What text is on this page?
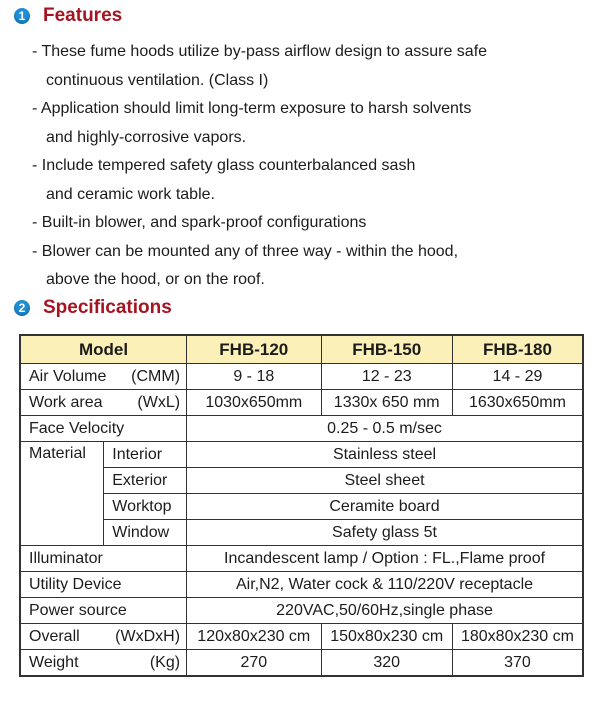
1 Features
- These fume hoods utilize by-pass airflow design to assure safe
continuous ventilation. (Class I)
- Application should limit long-term exposure to harsh solvents
and highly-corrosive vapors.
- Include tempered safety glass counterbalanced sash
and ceramic work table.
- Built-in blower, and spark-proof configurations
- Blower can be mounted any of three way - within the hood,
above the hood, or on the roof.
2 Specifications
Model		FHB-120	FHB-150	FHB-180

Air Volume (CMM)		9 - 18	12 - 23	14 - 29

Work area (WxL)		1030x650mm	1330x 650 mm	1630x650mm
Face Velocity		0.25 - 0.5 m/sec		
Material	Interior	Stainless steel		
	Exterior	Steel sheet		
	Worktop	Ceramite board		
	Window	Safety glass 5t		
Illuminator		Incandescent lamp / Option : FL.,Flame proof		
Utility Device		Air,N2, Water cock & 110/220V receptacle		
Power source		220VAC,50/60Hz,single phase		

Overall (WxDxH)		120x80x230 cm	150x80x230 cm	180x80x230 cm

Weight (Kg)		270	320	370
